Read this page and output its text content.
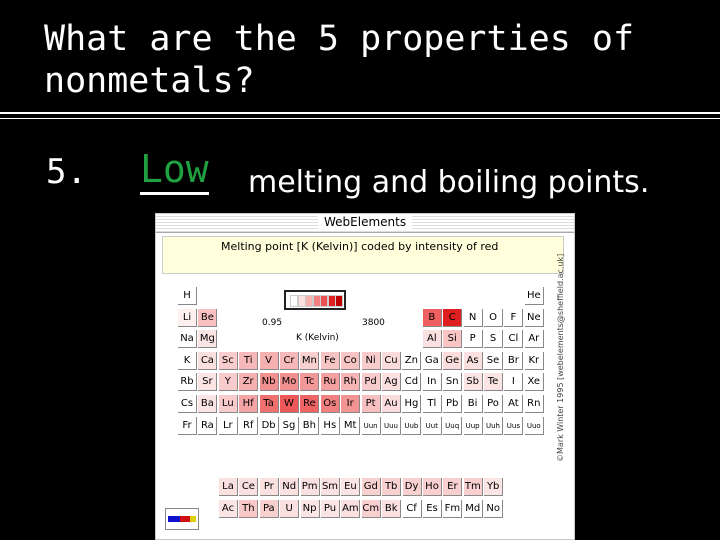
What are the 5 properties of
nonmetals?
5. Low melting and boiling points.
WebElements
Melting point [K (Kelvin)] coded by intensity of red
©Mark Winter 1995 [webelements@sheffield.ac.uk]
H	He
Li Be	B	C	N	O	F	Ne
Na Mg	Al	Si	P	S	Cl	Ar
K	Ca Sc	Ti	V	Cr Mn Fe Co Ni Cu Zn Ga Ge As Se Br Kr
Rb Sr	Y	Zr Nb Mo Tc Ru Rh Pd Ag Cd In Sn Sb Te	I	Xe
Cs Ba Lu Hf Ta	W Re Os	Ir	Pt Au Hg Tl Pb Bi Po At Rn
Fr Ra Lr	Rf Db Sg Bh Hs Mt	Uun Uuu Uub	Uut	Uuq Uup Uuh Uus Uuo
La Ce Pr Nd Pm Sm Eu Gd Tb Dy Ho Er Tm Yb
Ac Th Pa	U Np Pu Am Cm Bk Cf Es Fm Md No
0.95	3800
K (Kelvin)
